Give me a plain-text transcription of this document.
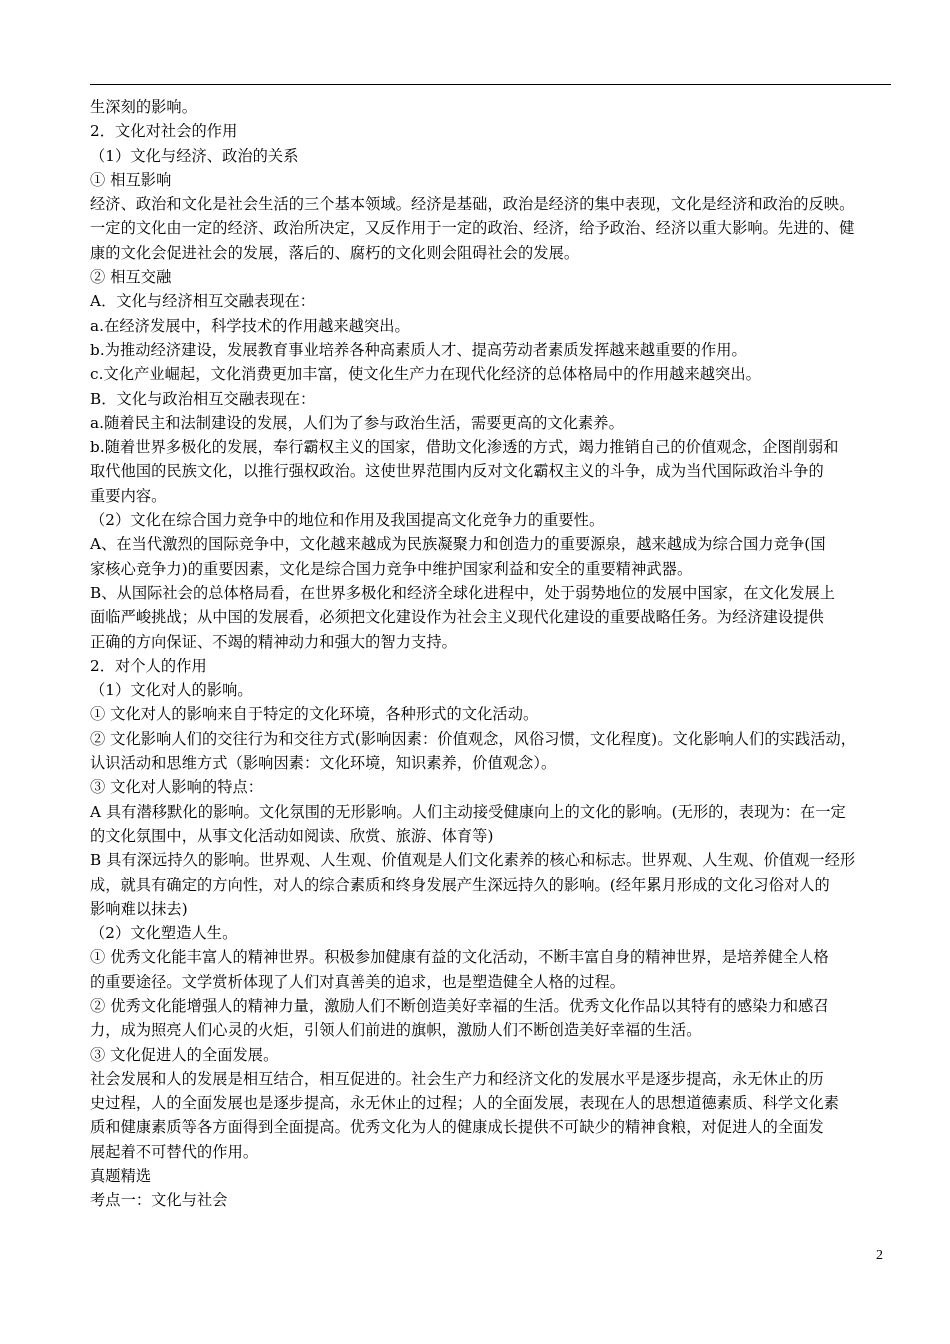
生深刻的影响。

2．文化对社会的作用

（1）文化与经济、政治的关系

① 相互影响

经济、政治和文化是社会生活的三个基本领域。经济是基础，政治是经济的集中表现，文化是经济和政治的反映。

一定的文化由一定的经济、政治所决定，又反作用于一定的政治、经济，给予政治、经济以重大影响。先进的、健

康的文化会促进社会的发展，落后的、腐朽的文化则会阻碍社会的发展。

② 相互交融

A．文化与经济相互交融表现在：

a.在经济发展中，科学技术的作用越来越突出。

b.为推动经济建设，发展教育事业培养各种高素质人才、提高劳动者素质发挥越来越重要的作用。

c.文化产业崛起，文化消费更加丰富，使文化生产力在现代化经济的总体格局中的作用越来越突出。

B．文化与政治相互交融表现在：

a.随着民主和法制建设的发展，人们为了参与政治生活，需要更高的文化素养。

b.随着世界多极化的发展，奉行霸权主义的国家，借助文化渗透的方式，竭力推销自己的价值观念，企图削弱和

取代他国的民族文化，以推行强权政治。这使世界范围内反对文化霸权主义的斗争，成为当代国际政治斗争的

重要内容。

（2）文化在综合国力竞争中的地位和作用及我国提高文化竞争力的重要性。

A、在当代激烈的国际竞争中，文化越来越成为民族凝聚力和创造力的重要源泉，越来越成为综合国力竞争(国

家核心竞争力)的重要因素，文化是综合国力竞争中维护国家利益和安全的重要精神武器。

B、从国际社会的总体格局看，在世界多极化和经济全球化进程中，处于弱势地位的发展中国家，在文化发展上

面临严峻挑战；从中国的发展看，必须把文化建设作为社会主义现代化建设的重要战略任务。为经济建设提供

正确的方向保证、不竭的精神动力和强大的智力支持。

2．对个人的作用

（1）文化对人的影响。

① 文化对人的影响来自于特定的文化环境，各种形式的文化活动。

② 文化影响人们的交往行为和交往方式(影响因素：价值观念，风俗习惯，文化程度)。文化影响人们的实践活动，

认识活动和思维方式（影响因素：文化环境，知识素养，价值观念）。

③ 文化对人影响的特点：

A 具有潜移默化的影响。文化氛围的无形影响。人们主动接受健康向上的文化的影响。(无形的，表现为：在一定

的文化氛围中，从事文化活动如阅读、欣赏、旅游、体育等)

B 具有深远持久的影响。世界观、人生观、价值观是人们文化素养的核心和标志。世界观、人生观、价值观一经形

成，就具有确定的方向性，对人的综合素质和终身发展产生深远持久的影响。(经年累月形成的文化习俗对人的

影响难以抹去)

（2）文化塑造人生。

① 优秀文化能丰富人的精神世界。积极参加健康有益的文化活动，不断丰富自身的精神世界，是培养健全人格

的重要途径。文学赏析体现了人们对真善美的追求，也是塑造健全人格的过程。

② 优秀文化能增强人的精神力量，激励人们不断创造美好幸福的生活。优秀文化作品以其特有的感染力和感召

力，成为照亮人们心灵的火炬，引领人们前进的旗帜，激励人们不断创造美好幸福的生活。

③ 文化促进人的全面发展。

社会发展和人的发展是相互结合，相互促进的。社会生产力和经济文化的发展水平是逐步提高，永无休止的历

史过程，人的全面发展也是逐步提高，永无休止的过程；人的全面发展，表现在人的思想道德素质、科学文化素

质和健康素质等各方面得到全面提高。优秀文化为人的健康成长提供不可缺少的精神食粮，对促进人的全面发

展起着不可替代的作用。

真题精选

考点一：文化与社会

2
